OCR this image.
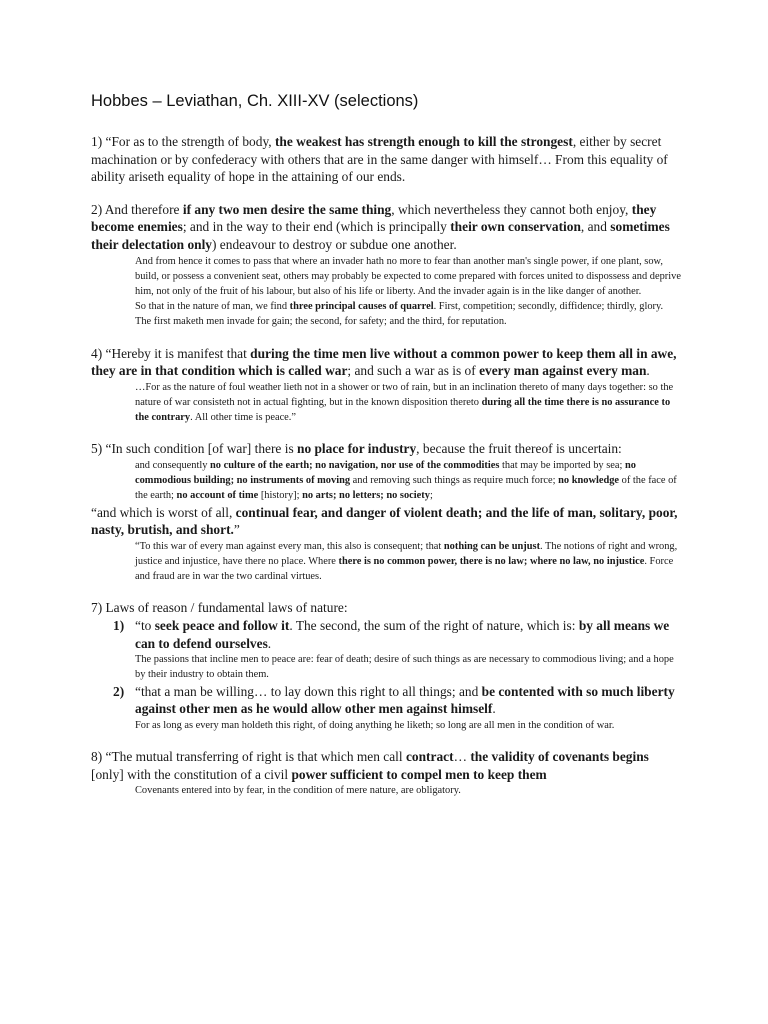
Hobbes – Leviathan, Ch. XIII-XV (selections)

1) “For as to the strength of body, the weakest has strength enough to kill the strongest, either by secret machination or by confederacy with others that are in the same danger with himself… From this equality of ability ariseth equality of hope in the attaining of our ends.

2) And therefore if any two men desire the same thing, which nevertheless they cannot both enjoy, they become enemies; and in the way to their end (which is principally their own conservation, and sometimes their delectation only) endeavour to destroy or subdue one another.

And from hence it comes to pass that where an invader hath no more to fear than another man's single power, if one plant, sow, build, or possess a convenient seat, others may probably be expected to come prepared with forces united to dispossess and deprive him, not only of the fruit of his labour, but also of his life or liberty. And the invader again is in the like danger of another.

So that in the nature of man, we find three principal causes of quarrel. First, competition; secondly, diffidence; thirdly, glory.

The first maketh men invade for gain; the second, for safety; and the third, for reputation.

4) “Hereby it is manifest that during the time men live without a common power to keep them all in awe, they are in that condition which is called war; and such a war as is of every man against every man.

…For as the nature of foul weather lieth not in a shower or two of rain, but in an inclination thereto of many days together: so the nature of war consisteth not in actual fighting, but in the known disposition thereto during all the time there is no assurance to the contrary. All other time is peace.”

5) “In such condition [of war] there is no place for industry, because the fruit thereof is uncertain:

and consequently no culture of the earth; no navigation, nor use of the commodities that may be imported by sea; no commodious building; no instruments of moving and removing such things as require much force; no knowledge of the face of the earth; no account of time [history]; no arts; no letters; no society;

“and which is worst of all, continual fear, and danger of violent death; and the life of man, solitary, poor, nasty, brutish, and short.”

“To this war of every man against every man, this also is consequent; that nothing can be unjust. The notions of right and wrong, justice and injustice, have there no place. Where there is no common power, there is no law; where no law, no injustice. Force and fraud are in war the two cardinal virtues.

7) Laws of reason / fundamental laws of nature:

1) “to seek peace and follow it. The second, the sum of the right of nature, which is: by all means we can to defend ourselves.

The passions that incline men to peace are: fear of death; desire of such things as are necessary to commodious living; and a hope by their industry to obtain them.

2) “that a man be willing… to lay down this right to all things; and be contented with so much liberty against other men as he would allow other men against himself.

For as long as every man holdeth this right, of doing anything he liketh; so long are all men in the condition of war.

8) “The mutual transferring of right is that which men call contract… the validity of covenants begins [only] with the constitution of a civil power sufficient to compel men to keep them

Covenants entered into by fear, in the condition of mere nature, are obligatory.
